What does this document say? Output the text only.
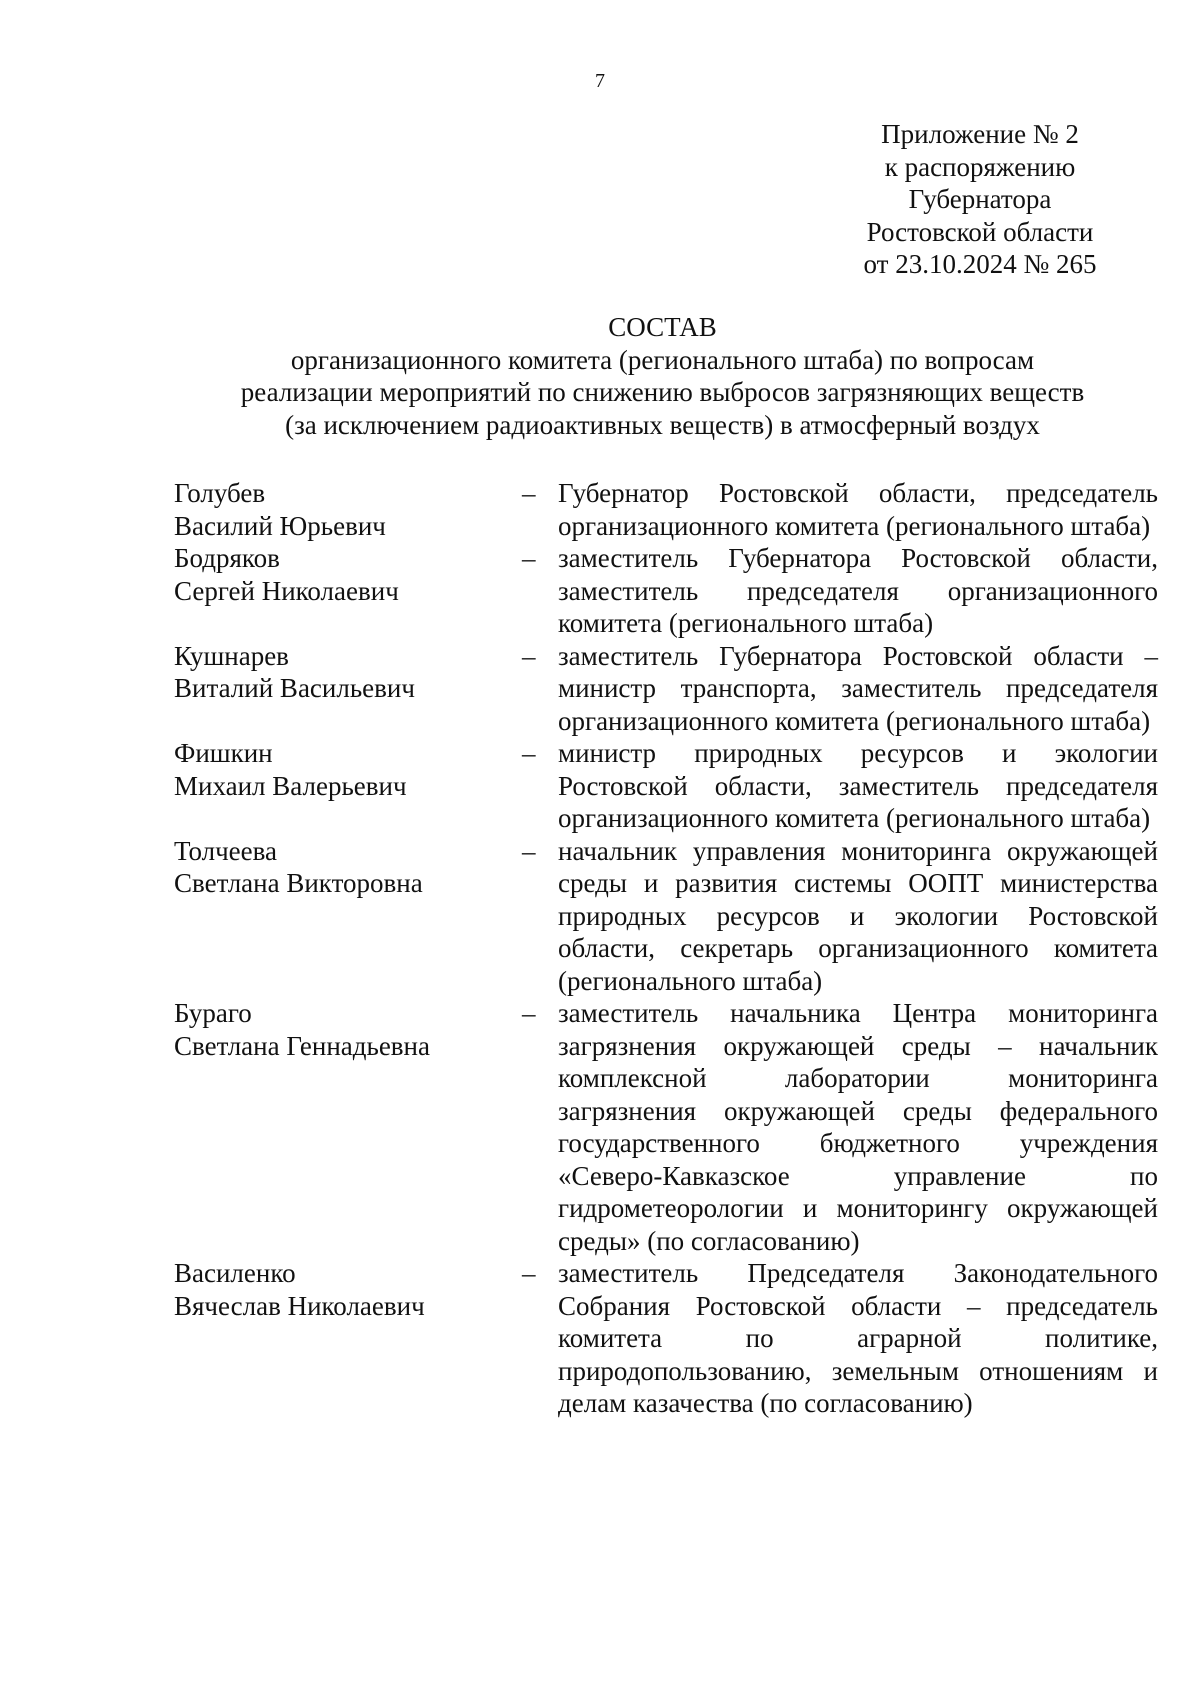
7
Приложение № 2
к распоряжению
Губернатора
Ростовской области
от 23.10.2024 № 265
СОСТАВ
организационного комитета (регионального штаба) по вопросам
реализации мероприятий по снижению выбросов загрязняющих веществ
(за исключением радиоактивных веществ) в атмосферный воздух
Голубев
Василий Юрьевич
– Губернатор Ростовской области, председатель организационного комитета (регионального штаба)
Бодряков
Сергей Николаевич
– заместитель Губернатора Ростовской области, заместитель председателя организационного комитета (регионального штаба)
Кушнарев
Виталий Васильевич
– заместитель Губернатора Ростовской области – министр транспорта, заместитель председателя организационного комитета (регионального штаба)
Фишкин
Михаил Валерьевич
– министр природных ресурсов и экологии Ростовской области, заместитель председателя организационного комитета (регионального штаба)
Толчеева
Светлана Викторовна
– начальник управления мониторинга окружающей среды и развития системы ООПТ министерства природных ресурсов и экологии Ростовской области, секретарь организационного комитета (регионального штаба)
Бураго
Светлана Геннадьевна
– заместитель начальника Центра мониторинга загрязнения окружающей среды – начальник комплексной лаборатории мониторинга загрязнения окружающей среды федерального государственного бюджетного учреждения «Северо-Кавказское управление по гидрометеорологии и мониторингу окружающей среды» (по согласованию)
Василенко
Вячеслав Николаевич
– заместитель Председателя Законодательного Собрания Ростовской области – председатель комитета по аграрной политике, природопользованию, земельным отношениям и делам казачества (по согласованию)
